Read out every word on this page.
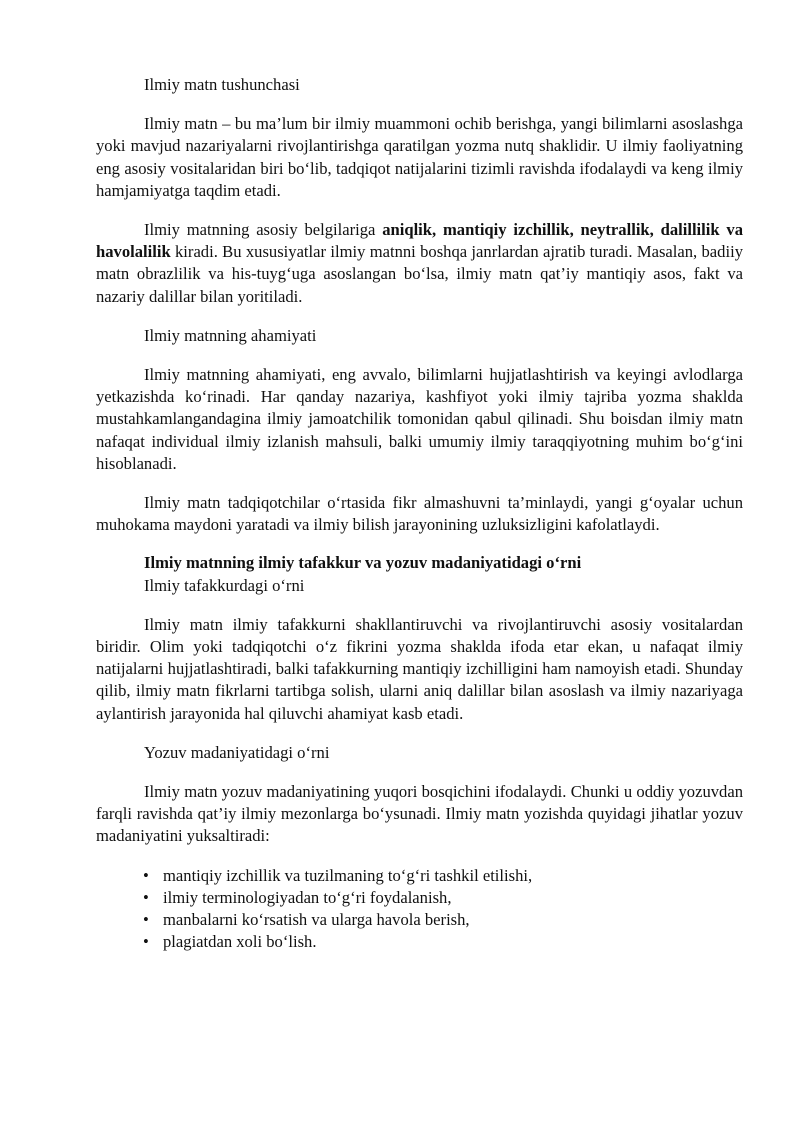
Ilmiy matn tushunchasi

Ilmiy matn – bu ma’lum bir ilmiy muammoni ochib berishga, yangi bilimlarni asoslashga yoki mavjud nazariyalarni rivojlantirishga qaratilgan yozma nutq shaklidir. U ilmiy faoliyatning eng asosiy vositalaridan biri bo‘lib, tadqiqot natijalarini tizimli ravishda ifodalaydi va keng ilmiy hamjamiyatga taqdim etadi.

Ilmiy matnning asosiy belgilariga aniqlik, mantiqiy izchillik, neytrallik, dalillilik va havolalilik kiradi. Bu xususiyatlar ilmiy matnni boshqa janrlardan ajratib turadi. Masalan, badiiy matn obrazlilik va his-tuyg‘uga asoslangan bo‘lsa, ilmiy matn qat’iy mantiqiy asos, fakt va nazariy dalillar bilan yoritiladi.

Ilmiy matnning ahamiyati

Ilmiy matnning ahamiyati, eng avvalo, bilimlarni hujjatlashtirish va keyingi avlodlarga yetkazishda ko‘rinadi. Har qanday nazariya, kashfiyot yoki ilmiy tajriba yozma shaklda mustahkamlangandagina ilmiy jamoatchilik tomonidan qabul qilinadi. Shu boisdan ilmiy matn nafaqat individual ilmiy izlanish mahsuli, balki umumiy ilmiy taraqqiyotning muhim bo‘g‘ini hisoblanadi.

Ilmiy matn tadqiqotchilar o‘rtasida fikr almashuvni ta’minlaydi, yangi g‘oyalar uchun muhokama maydoni yaratadi va ilmiy bilish jarayonining uzluksizligini kafolatlaydi.

Ilmiy matnning ilmiy tafakkur va yozuv madaniyatidagi o‘rni

Ilmiy tafakkurdagi o‘rni

Ilmiy matn ilmiy tafakkurni shakllantiruvchi va rivojlantiruvchi asosiy vositalardan biridir. Olim yoki tadqiqotchi o‘z fikrini yozma shaklda ifoda etar ekan, u nafaqat ilmiy natijalarni hujjatlashtiradi, balki tafakkurning mantiqiy izchilligini ham namoyish etadi. Shunday qilib, ilmiy matn fikrlarni tartibga solish, ularni aniq dalillar bilan asoslash va ilmiy nazariyaga aylantirish jarayonida hal qiluvchi ahamiyat kasb etadi.

Yozuv madaniyatidagi o‘rni

Ilmiy matn yozuv madaniyatining yuqori bosqichini ifodalaydi. Chunki u oddiy yozuvdan farqli ravishda qat’iy ilmiy mezonlarga bo‘ysunadi. Ilmiy matn yozishda quyidagi jihatlar yozuv madaniyatini yuksaltiradi:

• mantiqiy izchillik va tuzilmaning to‘g‘ri tashkil etilishi,
• ilmiy terminologiyadan to‘g‘ri foydalanish,
• manbalarni ko‘rsatish va ularga havola berish,
• plagiatdan xoli bo‘lish.
